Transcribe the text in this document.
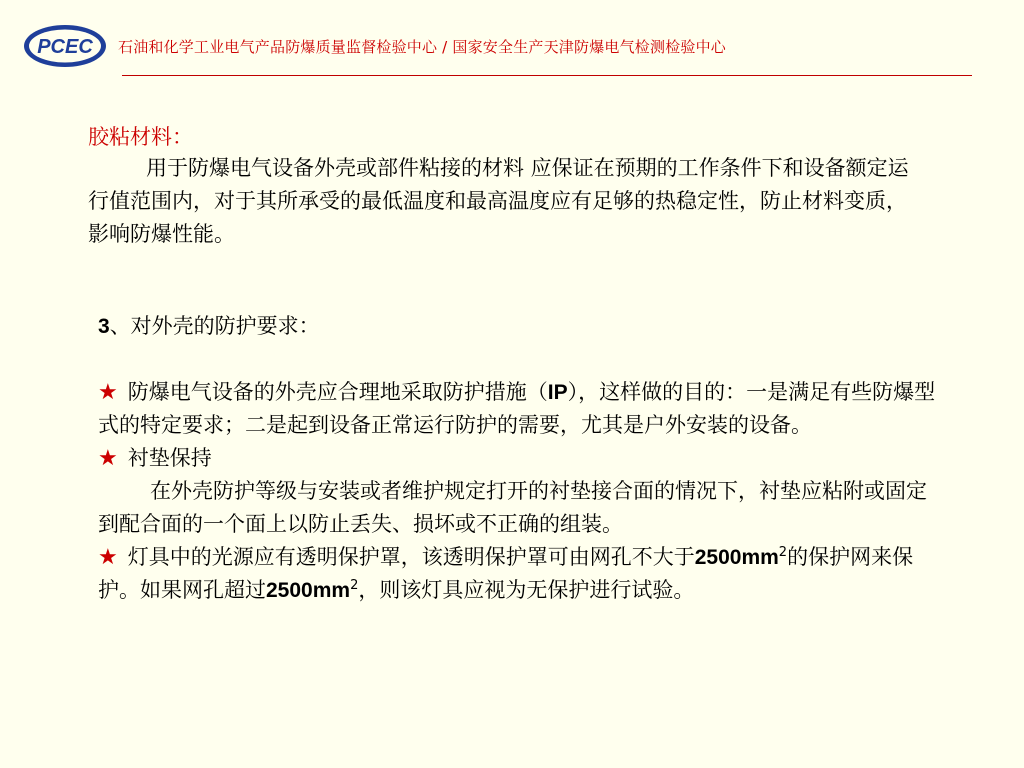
PCEC 石油和化学工业电气产品防爆质量监督检验中心 / 国家安全生产天津防爆电气检测检验中心

胶粘材料：

用于防爆电气设备外壳或部件粘接的材料 应保证在预期的工作条件下和设备额定运行值范围内，对于其所承受的最低温度和最高温度应有足够的热稳定性，防止材料变质，影响防爆性能。

3、对外壳的防护要求：

★ 防爆电气设备的外壳应合理地采取防护措施（IP），这样做的目的：一是满足有些防爆型式的特定要求；二是起到设备正常运行防护的需要，尤其是户外安装的设备。

★ 衬垫保持

在外壳防护等级与安装或者维护规定打开的衬垫接合面的情况下，衬垫应粘附或固定到配合面的一个面上以防止丢失、损坏或不正确的组装。

★ 灯具中的光源应有透明保护罩，该透明保护罩可由网孔不大于$2500mm^2$的保护网来保护。如果网孔超过$2500mm^2$，则该灯具应视为无保护进行试验。
